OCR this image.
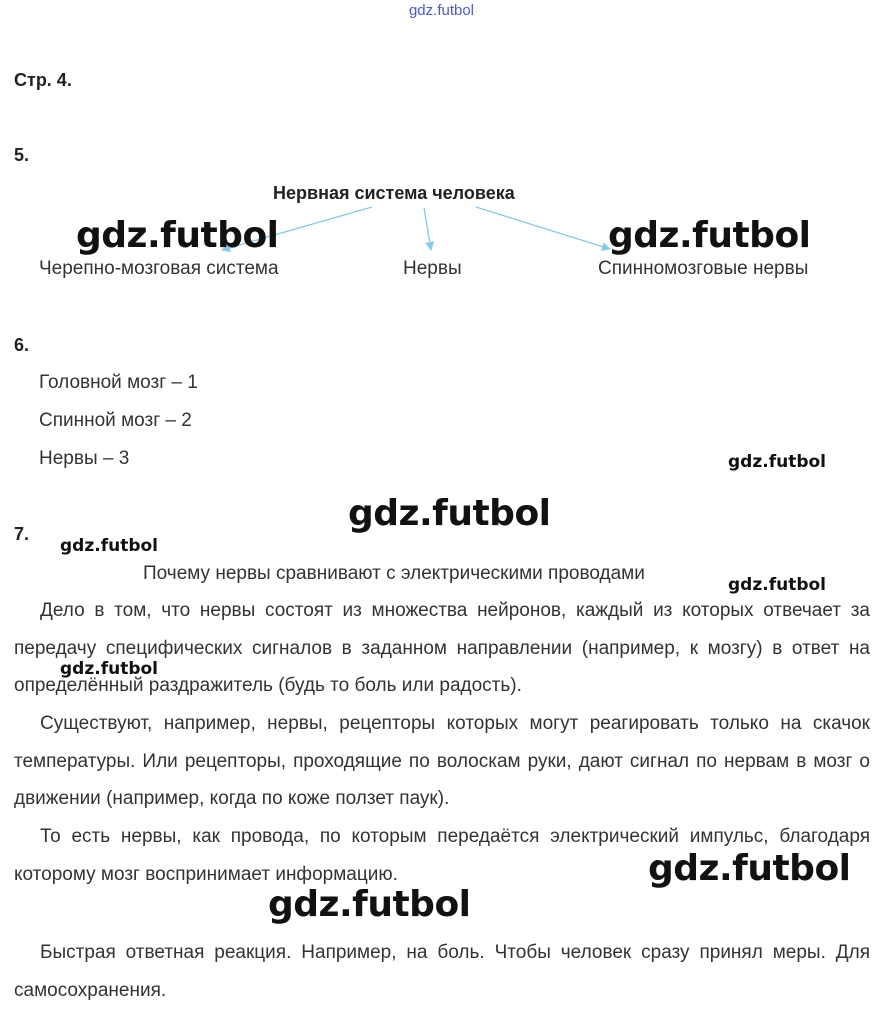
gdz.futbol
Стр. 4.
5.
Нервная система человека
Черепно-мозговая система	Нервы	Спинномозговые нервы
6.
Головной мозг – 1
Спинной мозг – 2
Нервы – 3
7.
Почему нервы сравнивают с электрическими проводами

Дело в том, что нервы состоят из множества нейронов, каждый из которых отвечает за передачу специфических сигналов в заданном направлении (например, к мозгу) в ответ на определённый раздражитель (будь то боль или радость).

Существуют, например, нервы, рецепторы которых могут реагировать только на скачок температуры. Или рецепторы, проходящие по волоскам руки, дают сигнал по нервам в мозг о движении (например, когда по коже ползет паук).

То есть нервы, как провода, по которым передаётся электрический импульс, благодаря которому мозг воспринимает информацию.

Быстрая ответная реакция. Например, на боль. Чтобы человек сразу принял меры. Для самосохранения.

gdz.futbol	gdz.futbol
gdz.futbol
gdz.futbol
gdz.futbol
gdz.futbol
gdz.futbol
gdz.futbol
gdz.futbol
